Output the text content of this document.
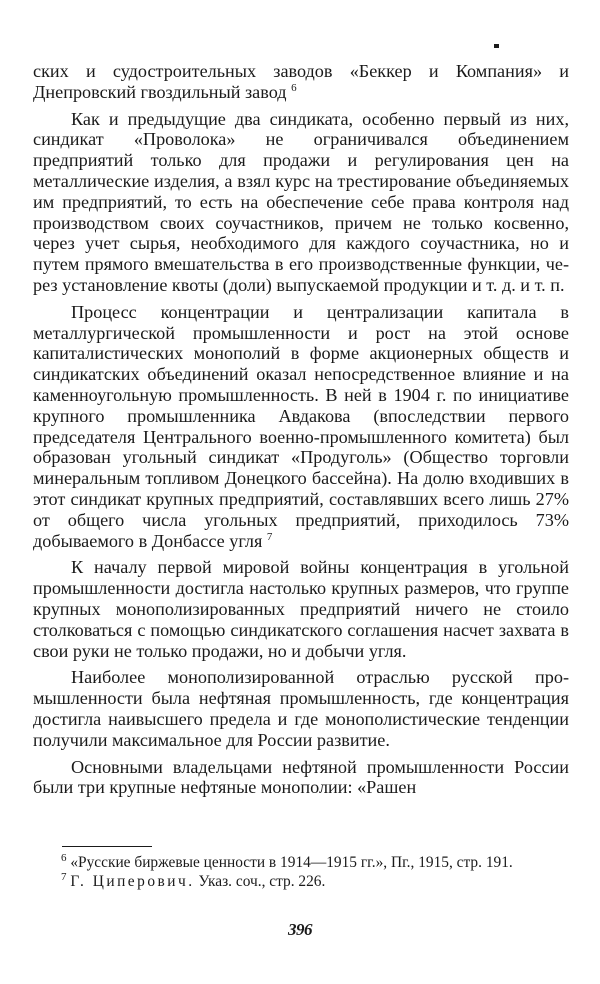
ских и судостроительных заводов «Беккер и Компания» и Днепровский гвоздильный завод $^6$

Как и предыдущие два синдиката, особенно первый из них, синдикат «Проволока» не ограничивался объединением предприятий только для продажи и регулирования цен на металлические изделия, а взял курс на трестирование объединяемых им предприятий, то есть на обеспечение себе права контроля над производством своих соучастников, причем не только косвенно, через учет сырья, необходимого для каждого соучастника, но и путем прямого вмешательства в его производственные функции, через установление квоты (доли) выпускаемой продукции и т. д. и т. п.

Процесс концентрации и централизации капитала в металлургической промышленности и рост на этой основе капиталистических монополий в форме акционерных обществ и синдикатских объединений оказал непосредственное влияние и на каменноугольную промышленность. В ней в 1904 г. по инициативе крупного промышленника Авдакова (впоследствии первого председателя Центрального военно-промышленного комитета) был образован угольный синдикат «Продуголь» (Общество торговли минеральным топливом Донецкого бассейна). На долю входивших в этот синдикат крупных предприятий, составлявших всего лишь 27% от общего числа угольных предприятий, приходилось 73% добываемого в Донбассе угля $^7$

К началу первой мировой войны концентрация в угольной промышленности достигла настолько крупных размеров, что группе крупных монополизированных предприятий ничего не стоило столковаться с помощью синдикатского соглашения насчет захвата в свои руки не только продажи, но и добычи угля.

Наиболее монополизированной отраслью русской промышленности была нефтяная промышленность, где концентрация достигла наивысшего предела и где монополистические тенденции получили максимальное для России развитие.

Основными владельцами нефтяной промышленности России были три крупные нефтяные монополии: «Рашен

$^6$ «Русские биржевые ценности в 1914—1915 гг.», Пг., 1915, стр. 191.

$^7$ Г. Циперович. Указ. соч., стр. 226.

396
